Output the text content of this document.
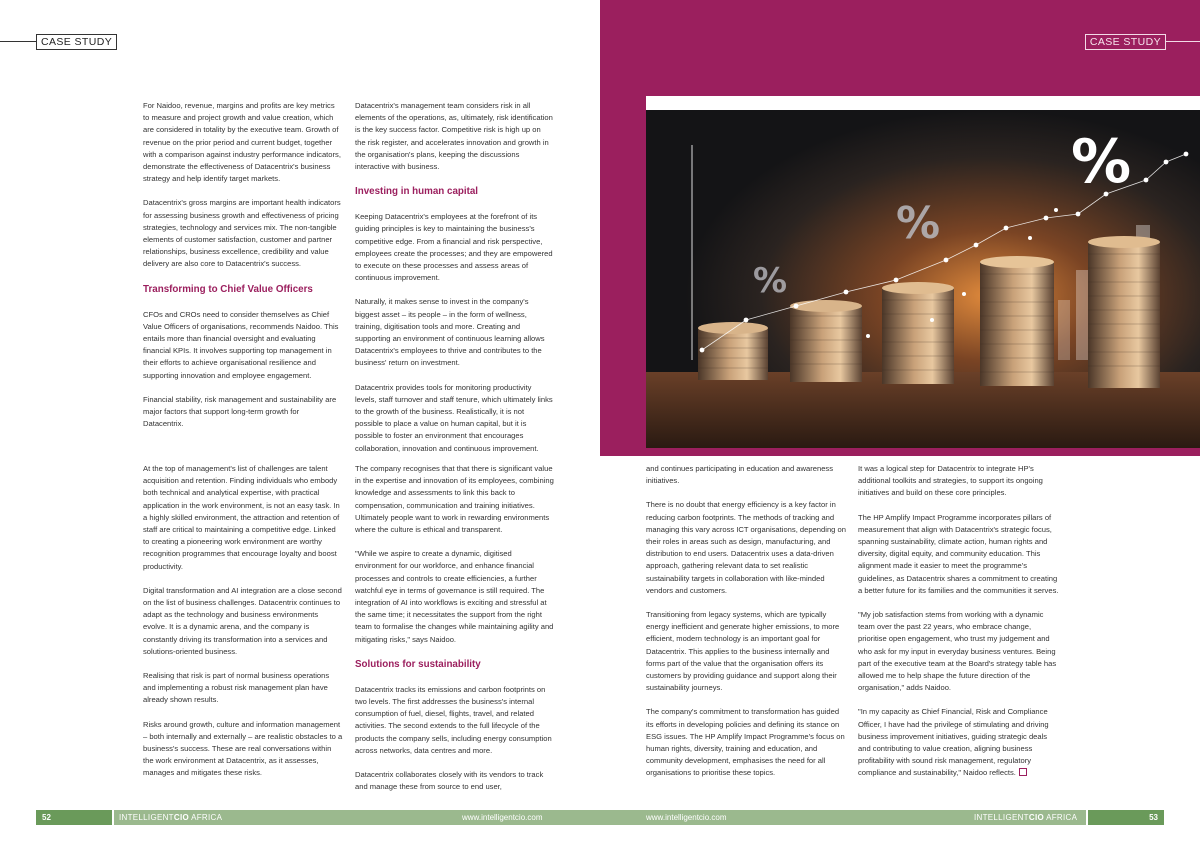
CASE STUDY

For Naidoo, revenue, margins and profits are key metrics to measure and project growth and value creation, which are considered in totality by the executive team. Growth of revenue on the prior period and current budget, together with a comparison against industry performance indicators, demonstrate the effectiveness of Datacentrix's business strategy and help identify target markets.

Datacentrix's gross margins are important health indicators for assessing business growth and effectiveness of pricing strategies, technology and services mix. The non-tangible elements of customer satisfaction, customer and partner relationships, business excellence, credibility and value delivery are also core to Datacentrix's success.

Transforming to Chief Value Officers

CFOs and CROs need to consider themselves as Chief Value Officers of organisations, recommends Naidoo. This entails more than financial oversight and evaluating financial KPIs. It involves supporting top management in their efforts to achieve organisational resilience and supporting innovation and employee engagement.

Financial stability, risk management and sustainability are major factors that support long-term growth for Datacentrix.

Datacentrix's management team considers risk in all elements of the operations, as, ultimately, risk identification is the key success factor. Competitive risk is high up on the risk register, and accelerates innovation and growth in the organisation's plans, keeping the discussions interactive with business.

Investing in human capital

Keeping Datacentrix's employees at the forefront of its guiding principles is key to maintaining the business's competitive edge. From a financial and risk perspective, employees create the processes; and they are empowered to execute on these processes and assess areas of continuous improvement.

Naturally, it makes sense to invest in the company's biggest asset – its people – in the form of wellness, training, digitisation tools and more. Creating and supporting an environment of continuous learning allows Datacentrix's employees to thrive and contributes to the business' return on investment.

Datacentrix provides tools for monitoring productivity levels, staff turnover and staff tenure, which ultimately links to the growth of the business. Realistically, it is not possible to place a value on human capital, but it is possible to foster an environment that encourages collaboration, innovation and continuous improvement.

At the top of management's list of challenges are talent acquisition and retention. Finding individuals who embody both technical and analytical expertise, with practical application in the work environment, is not an easy task. In a highly skilled environment, the attraction and retention of staff are critical to maintaining a competitive edge. Linked to creating a pioneering work environment are worthy recognition programmes that encourage loyalty and boost productivity.

Digital transformation and AI integration are a close second on the list of business challenges. Datacentrix continues to adapt as the technology and business environments evolve. It is a dynamic arena, and the company is constantly driving its transformation into a services and solutions-oriented business.

Realising that risk is part of normal business operations and implementing a robust risk management plan have already shown results.

Risks around growth, culture and information management – both internally and externally – are realistic obstacles to a business's success. These are real conversations within the work environment at Datacentrix, as it assesses, manages and mitigates these risks.

The company recognises that that there is significant value in the expertise and innovation of its employees, combining knowledge and assessments to link this back to compensation, communication and training initiatives. Ultimately people want to work in rewarding environments where the culture is ethical and transparent.

"While we aspire to create a dynamic, digitised environment for our workforce, and enhance financial processes and controls to create efficiencies, a further watchful eye in terms of governance is still required. The integration of AI into workflows is exciting and stressful at the same time; it necessitates the support from the right team to formalise the changes while maintaining agility and mitigating risks," says Naidoo.

Solutions for sustainability

Datacentrix tracks its emissions and carbon footprints on two levels. The first addresses the business's internal consumption of fuel, diesel, flights, travel, and related activities. The second extends to the full lifecycle of the products the company sells, including energy consumption across networks, data centres and more.

Datacentrix collaborates closely with its vendors to track and manage these from source to end user,

52	INTELLIGENTCIO AFRICA	www.intelligentcio.com
CASE STUDY
%
%
%

and continues participating in education and awareness initiatives.

There is no doubt that energy efficiency is a key factor in reducing carbon footprints. The methods of tracking and managing this vary across ICT organisations, depending on their roles in areas such as design, manufacturing, and distribution to end users. Datacentrix uses a data-driven approach, gathering relevant data to set realistic sustainability targets in collaboration with like-minded vendors and customers.

Transitioning from legacy systems, which are typically energy inefficient and generate higher emissions, to more efficient, modern technology is an important goal for Datacentrix. This applies to the business internally and forms part of the value that the organisation offers its customers by providing guidance and support along their sustainability journeys.

The company's commitment to transformation has guided its efforts in developing policies and defining its stance on ESG issues. The HP Amplify Impact Programme's focus on human rights, diversity, training and education, and community development, emphasises the need for all organisations to prioritise these topics.

It was a logical step for Datacentrix to integrate HP's additional toolkits and strategies, to support its ongoing initiatives and build on these core principles.

The HP Amplify Impact Programme incorporates pillars of measurement that align with Datacentrix's strategic focus, spanning sustainability, climate action, human rights and diversity, digital equity, and community education. This alignment made it easier to meet the programme's guidelines, as Datacentrix shares a commitment to creating a better future for its families and the communities it serves.

"My job satisfaction stems from working with a dynamic team over the past 22 years, who embrace change, prioritise open engagement, who trust my judgement and who ask for my input in everyday business ventures. Being part of the executive team at the Board's strategy table has allowed me to help shape the future direction of the organisation," adds Naidoo.

"In my capacity as Chief Financial, Risk and Compliance Officer, I have had the privilege of stimulating and driving business improvement initiatives, guiding strategic deals and contributing to value creation, aligning business profitability with sound risk management, regulatory compliance and sustainability," Naidoo reflects.

www.intelligentcio.com	INTELLIGENTCIO AFRICA	53
